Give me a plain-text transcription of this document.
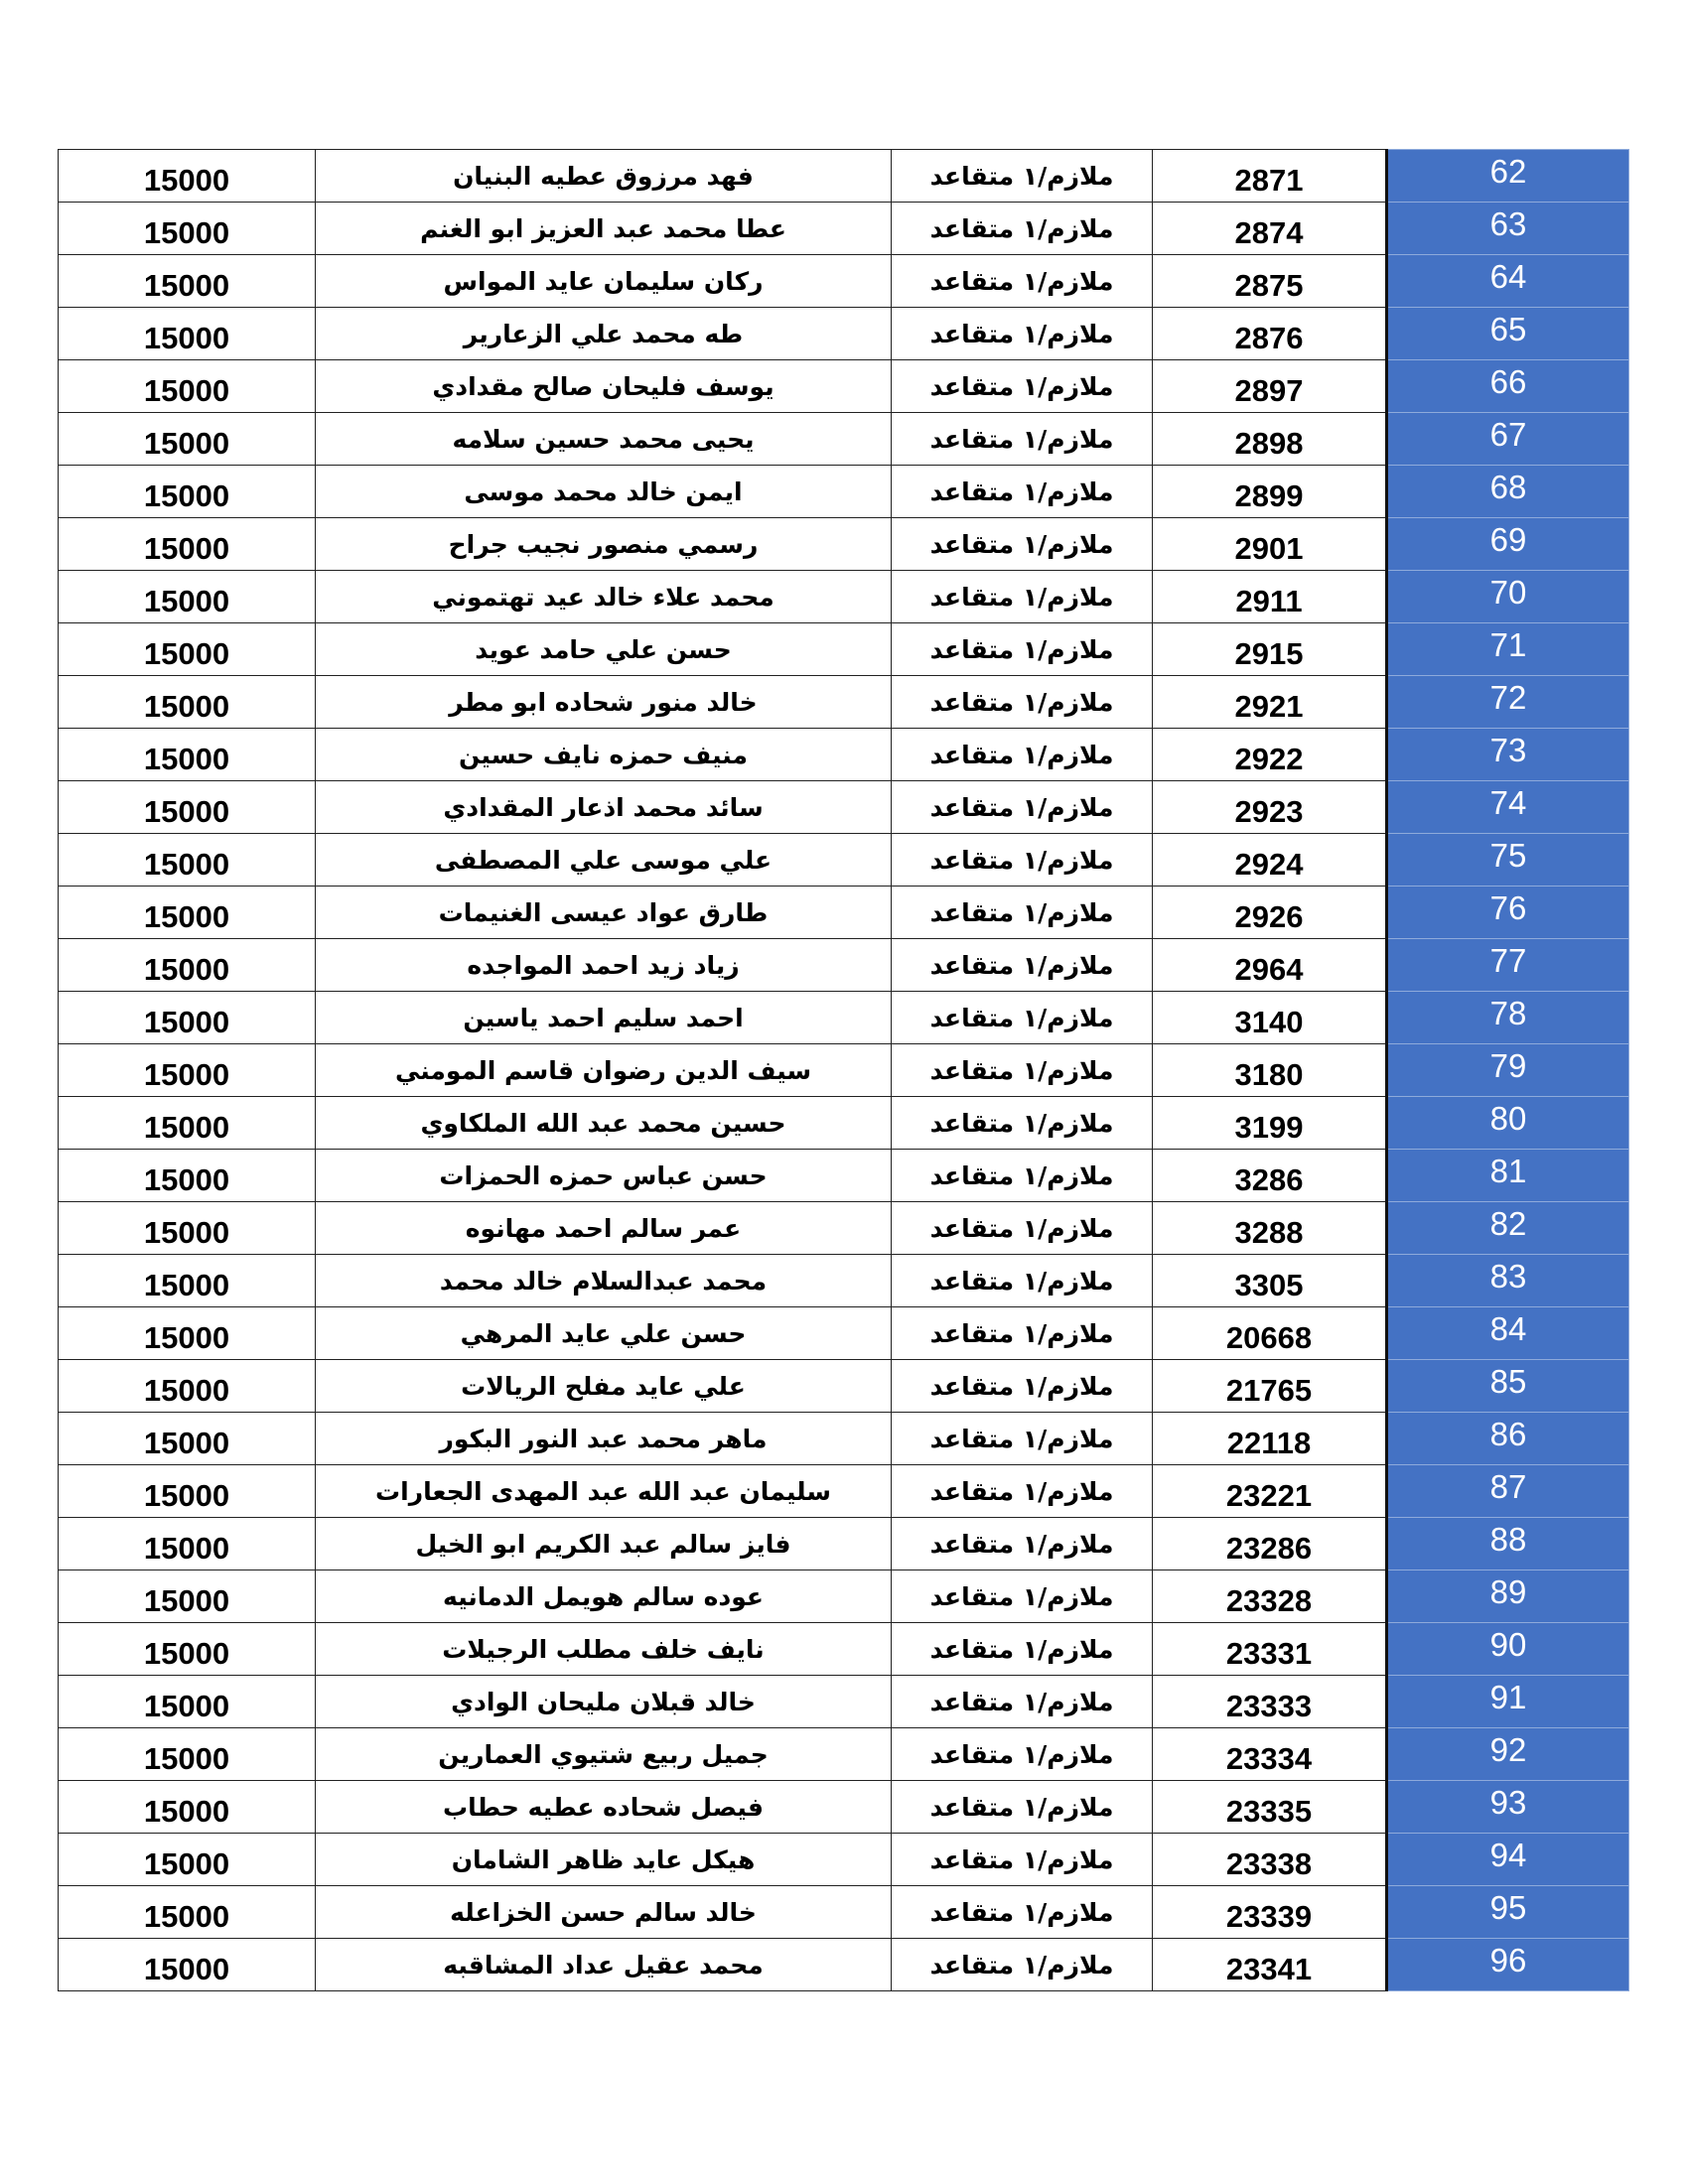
15000	فهد مرزوق عطيه البنيان	ملازم/١ متقاعد	2871	62
15000	عطا محمد عبد العزيز ابو الغنم	ملازم/١ متقاعد	2874	63
15000	ركان سليمان عايد المواس	ملازم/١ متقاعد	2875	64
15000	طه محمد علي الزعارير	ملازم/١ متقاعد	2876	65
15000	يوسف فليحان صالح مقدادي	ملازم/١ متقاعد	2897	66
15000	يحيى محمد حسين سلامه	ملازم/١ متقاعد	2898	67
15000	ايمن خالد محمد موسى	ملازم/١ متقاعد	2899	68
15000	رسمي منصور نجيب جراح	ملازم/١ متقاعد	2901	69
15000	محمد علاء خالد عيد تهتموني	ملازم/١ متقاعد	2911	70
15000	حسن علي حامد عويد	ملازم/١ متقاعد	2915	71
15000	خالد منور شحاده ابو مطر	ملازم/١ متقاعد	2921	72
15000	منيف حمزه نايف حسين	ملازم/١ متقاعد	2922	73
15000	سائد محمد اذعار المقدادي	ملازم/١ متقاعد	2923	74
15000	علي موسى علي المصطفى	ملازم/١ متقاعد	2924	75
15000	طارق عواد عيسى الغنيمات	ملازم/١ متقاعد	2926	76
15000	زياد زيد احمد المواجده	ملازم/١ متقاعد	2964	77
15000	احمد سليم احمد ياسين	ملازم/١ متقاعد	3140	78
15000	سيف الدين رضوان قاسم المومني	ملازم/١ متقاعد	3180	79
15000	حسين محمد عبد الله الملكاوي	ملازم/١ متقاعد	3199	80
15000	حسن عباس حمزه الحمزات	ملازم/١ متقاعد	3286	81
15000	عمر سالم احمد مهانوه	ملازم/١ متقاعد	3288	82
15000	محمد عبدالسلام خالد محمد	ملازم/١ متقاعد	3305	83
15000	حسن علي عايد المرهي	ملازم/١ متقاعد	20668	84
15000	علي عايد مفلح الريالات	ملازم/١ متقاعد	21765	85
15000	ماهر محمد عبد النور البكور	ملازم/١ متقاعد	22118	86
15000	سليمان عبد الله عبد المهدى الجعارات	ملازم/١ متقاعد	23221	87
15000	فايز سالم عبد الكريم ابو الخيل	ملازم/١ متقاعد	23286	88
15000	عوده سالم هويمل الدمانيه	ملازم/١ متقاعد	23328	89
15000	نايف خلف مطلب الرجيلات	ملازم/١ متقاعد	23331	90
15000	خالد قبلان مليحان الوادي	ملازم/١ متقاعد	23333	91
15000	جميل ربيع شتيوي العمارين	ملازم/١ متقاعد	23334	92
15000	فيصل شحاده عطيه حطاب	ملازم/١ متقاعد	23335	93
15000	هيكل عايد ظاهر الشامان	ملازم/١ متقاعد	23338	94
15000	خالد سالم حسن الخزاعله	ملازم/١ متقاعد	23339	95
15000	محمد عقيل عداد المشاقبه	ملازم/١ متقاعد	23341	96
